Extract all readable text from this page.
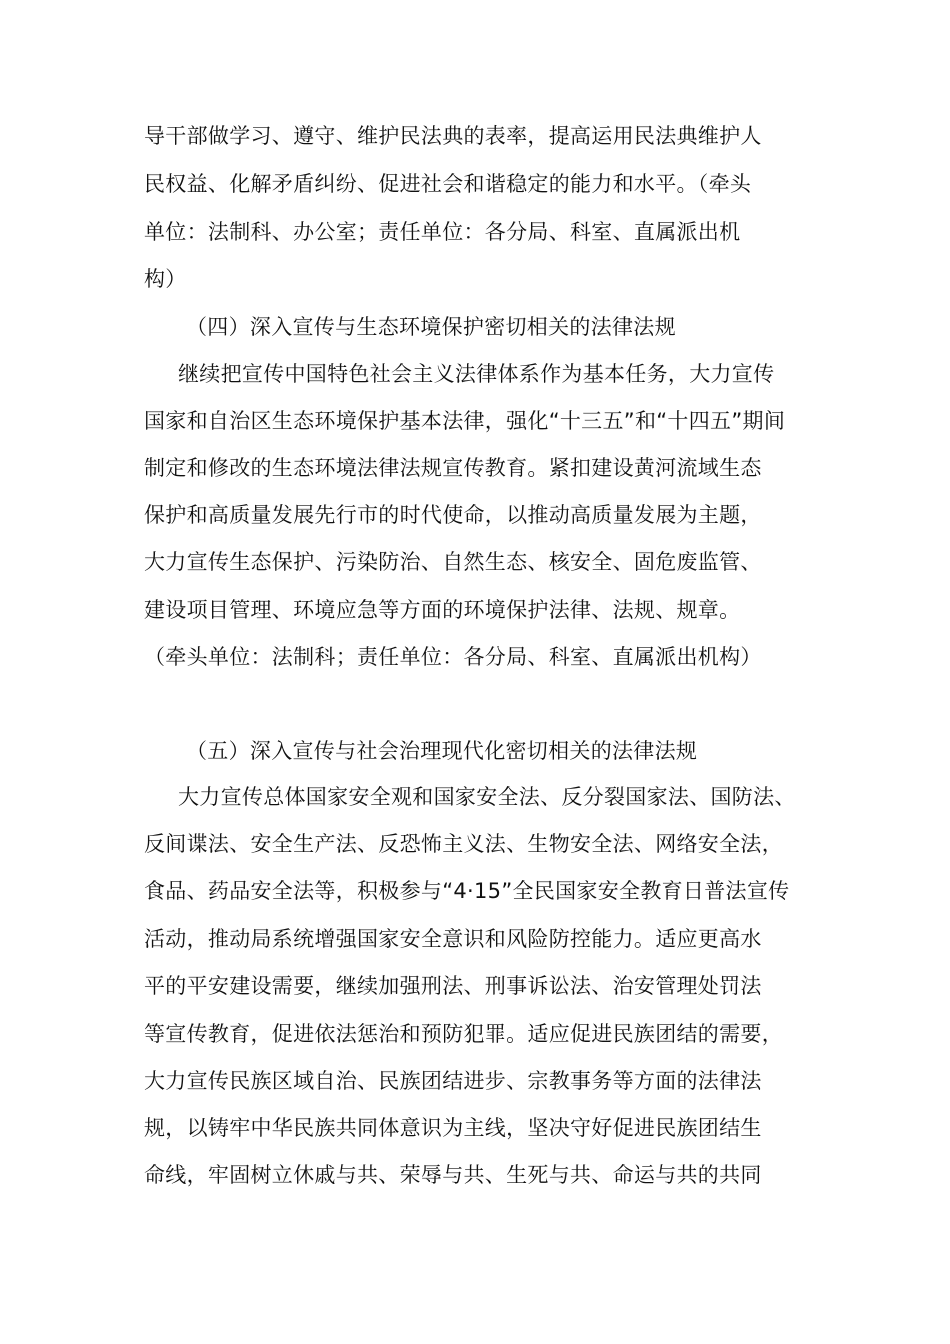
导干部做学习、遵守、维护民法典的表率，提高运用民法典维护人
民权益、化解矛盾纠纷、促进社会和谐稳定的能力和水平。（牵头
单位：法制科、办公室；责任单位：各分局、科室、直属派出机
构）
（四）深入宣传与生态环境保护密切相关的法律法规
继续把宣传中国特色社会主义法律体系作为基本任务，大力宣传
国家和自治区生态环境保护基本法律，强化“十三五”和“十四五”期间
制定和修改的生态环境法律法规宣传教育。紧扣建设黄河流域生态
保护和高质量发展先行市的时代使命，以推动高质量发展为主题，
大力宣传生态保护、污染防治、自然生态、核安全、固危废监管、
建设项目管理、环境应急等方面的环境保护法律、法规、规章。
（牵头单位：法制科；责任单位：各分局、科室、直属派出机构）
（五）深入宣传与社会治理现代化密切相关的法律法规
大力宣传总体国家安全观和国家安全法、反分裂国家法、国防法、
反间谍法、安全生产法、反恐怖主义法、生物安全法、网络安全法，
食品、药品安全法等，积极参与“4·15”全民国家安全教育日普法宣传
活动，推动局系统增强国家安全意识和风险防控能力。适应更高水
平的平安建设需要，继续加强刑法、刑事诉讼法、治安管理处罚法
等宣传教育，促进依法惩治和预防犯罪。适应促进民族团结的需要，
大力宣传民族区域自治、民族团结进步、宗教事务等方面的法律法
规，以铸牢中华民族共同体意识为主线，坚决守好促进民族团结生
命线，牢固树立休戚与共、荣辱与共、生死与共、命运与共的共同
